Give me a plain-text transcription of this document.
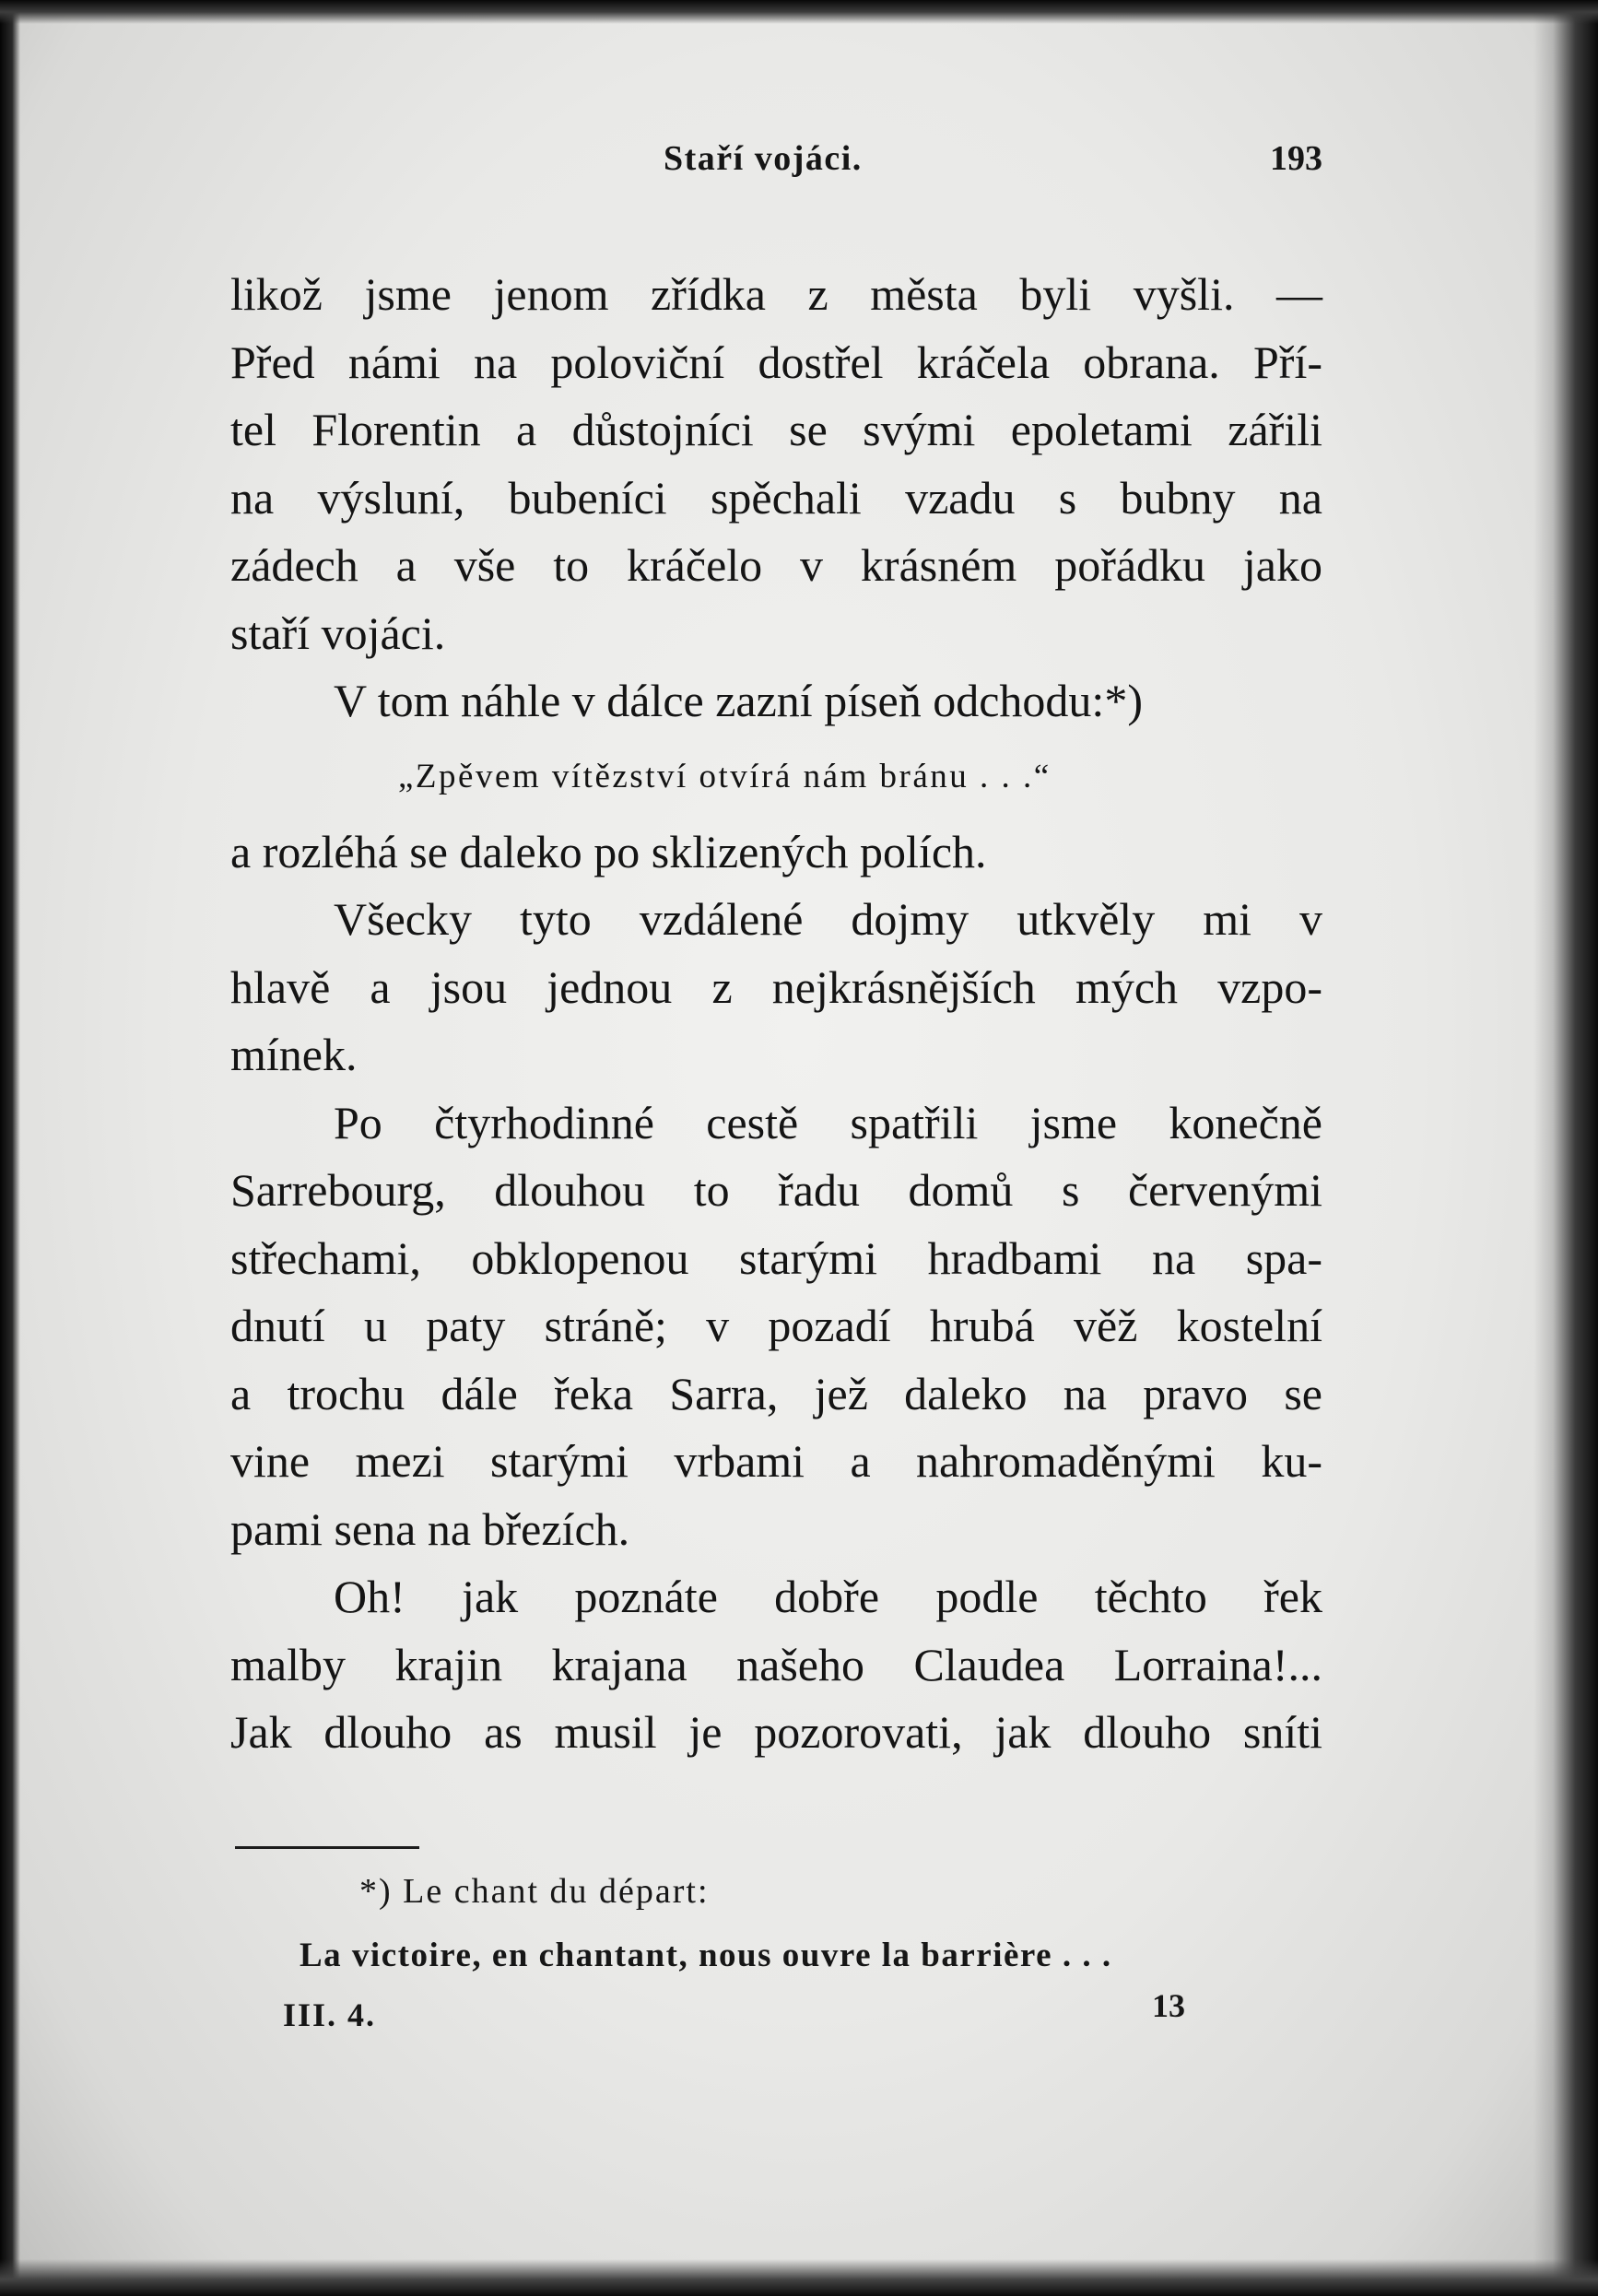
Staří vojáci.	193
likož jsme jenom zřídka z města byli vyšli. —
Před námi na poloviční dostřel kráčela obrana. Pří-
tel Florentin a důstojníci se svými epoletami zářili
na výsluní, bubeníci spěchali vzadu s bubny na
zádech a vše to kráčelo v krásném pořádku jako
staří vojáci.
V tom náhle v dálce zazní píseň odchodu:*)
„Zpěvem vítězství otvírá nám bránu . . .“
a rozléhá se daleko po sklizených polích.
Všecky tyto vzdálené dojmy utkvěly mi v
hlavě a jsou jednou z nejkrásnějších mých vzpo-
mínek.
Po čtyrhodinné cestě spatřili jsme konečně
Sarrebourg, dlouhou to řadu domů s červenými
střechami, obklopenou starými hradbami na spa-
dnutí u paty stráně; v pozadí hrubá věž kostelní
a trochu dále řeka Sarra, jež daleko na pravo se
vine mezi starými vrbami a nahromaděnými ku-
pami sena na březích.
Oh! jak poznáte dobře podle těchto řek
malby krajin krajana našeho Claudea Lorraina!...
Jak dlouho as musil je pozorovati, jak dlouho sníti
*) Le chant du départ:
La victoire, en chantant, nous ouvre la barrière . . .
III. 4.	13
